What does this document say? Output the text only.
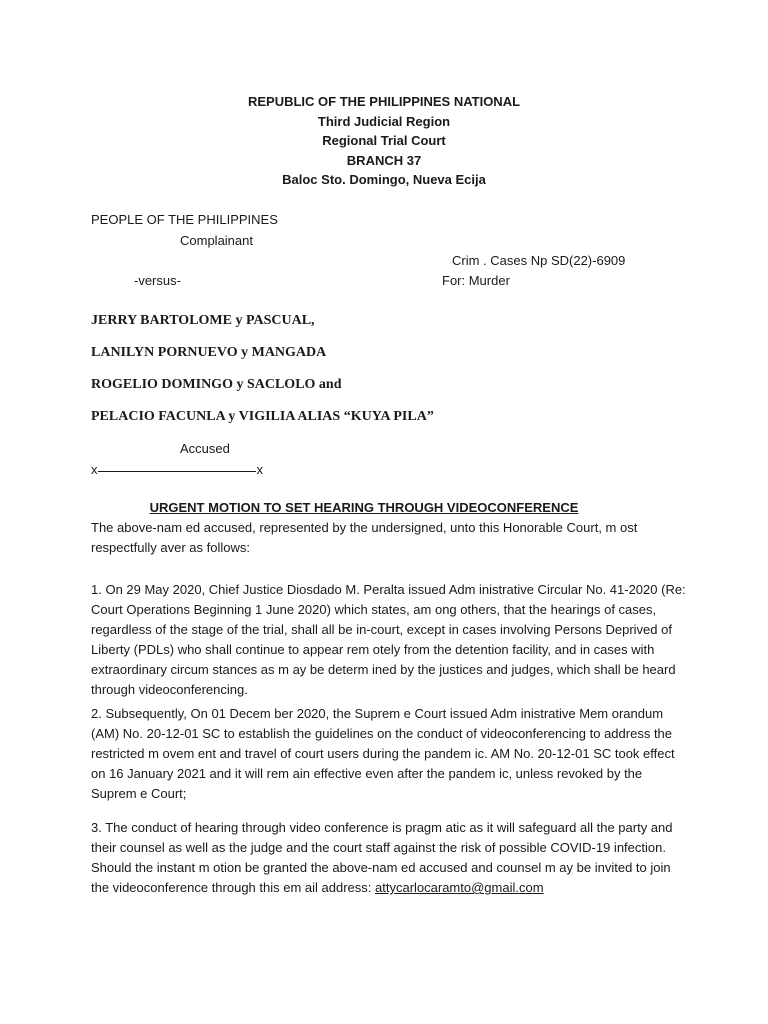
REPUBLIC OF THE PHILIPPINES NATIONAL
Third Judicial Region
Regional Trial Court
BRANCH 37
Baloc Sto. Domingo, Nueva Ecija
PEOPLE OF THE PHILIPPINES
Complainant
Crim . Cases Np SD(22)-6909
-versus-	For: Murder
JERRY BARTOLOME y PASCUAL,
LANILYN PORNUEVO y MANGADA
ROGELIO DOMINGO y SACLOLO and
PELACIO FACUNLA y VIGILIA ALIAS “KUYA PILA”
Accused
x	x
URGENT MOTION TO SET HEARING THROUGH VIDEOCONFERENCE
The above-nam ed accused, represented by the undersigned, unto this Honorable Court, m ost respectfully aver as follows:
1. On 29 May 2020, Chief Justice Diosdado M. Peralta issued Adm inistrative Circular No. 41-2020 (Re: Court Operations Beginning 1 June 2020) which states, am ong others, that the hearings of cases, regardless of the stage of the trial, shall all be in-court, except in cases involving Persons Deprived of Liberty (PDLs) who shall continue to appear rem otely from the detention facility, and in cases with extraordinary circum stances as m ay be determ ined by the justices and judges, which shall be heard through videoconferencing.
2. Subsequently, On 01 Decem ber 2020, the Suprem e Court issued Adm inistrative Mem orandum (AM) No. 20-12-01 SC to establish the guidelines on the conduct of videoconferencing to address the restricted m ovem ent and travel of court users during the pandem ic. AM No. 20-12-01 SC took effect on 16 January 2021 and it will rem ain effective even after the pandem ic, unless revoked by the Suprem e Court;
3. The conduct of hearing through video conference is pragm atic as it will safeguard all the party and their counsel as well as the judge and the court staff against the risk of possible COVID-19 infection. Should the instant m otion be granted the above-nam ed accused and counsel m ay be invited to join the videoconference through this em ail address: attycarlocaramto@gmail.com
